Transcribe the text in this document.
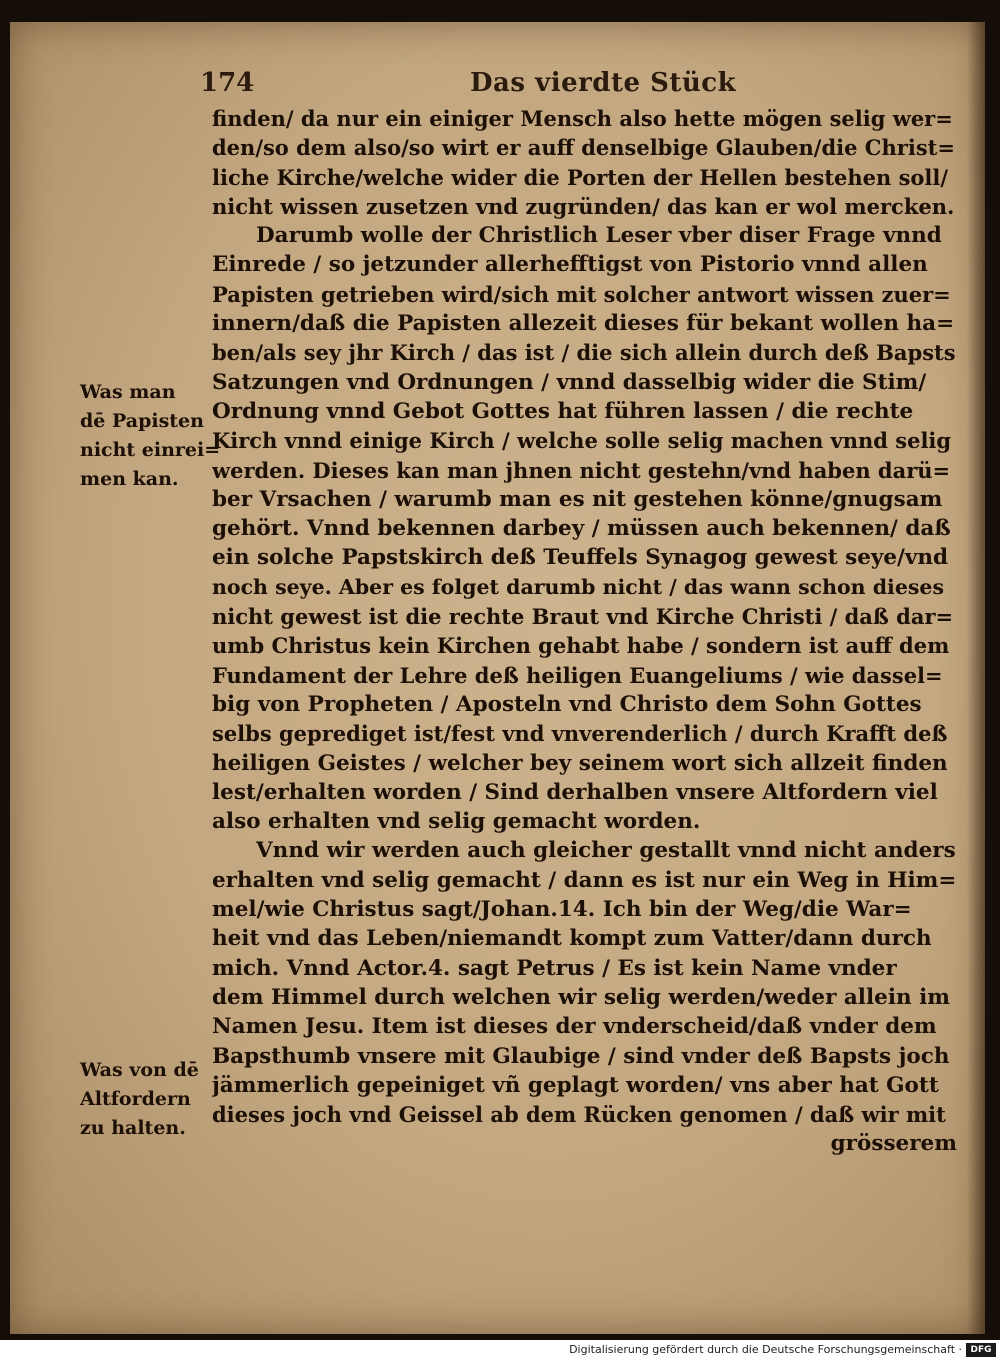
174	Das vierdte Stück
finden/ da nur ein einiger Mensch also hette mögen selig wer=
den/so dem also/so wirt er auff denselbige Glauben/die Christ=
liche Kirche/welche wider die Porten der Hellen bestehen soll/
nicht wissen zusetzen vnd zugründen/ das kan er wol mercken.
Darumb wolle der Christlich Leser vber diser Frage vnnd
Einrede / so jetzunder allerhefftigst von Pistorio vnnd allen
Papisten getrieben wird/sich mit solcher antwort wissen zuer=
innern/daß die Papisten allezeit dieses für bekant wollen ha=
ben/als sey jhr Kirch / das ist / die sich allein durch deß Bapsts
Satzungen vnd Ordnungen / vnnd dasselbig wider die Stim/
Ordnung vnnd Gebot Gottes hat führen lassen / die rechte
Kirch vnnd einige Kirch / welche solle selig machen vnnd selig
werden. Dieses kan man jhnen nicht gestehn/vnd haben darü=
ber Vrsachen / warumb man es nit gestehen könne/gnugsam
gehört. Vnnd bekennen darbey / müssen auch bekennen/ daß
ein solche Papstskirch deß Teuffels Synagog gewest seye/vnd
noch seye. Aber es folget darumb nicht / das wann schon dieses
nicht gewest ist die rechte Braut vnd Kirche Christi / daß dar=
umb Christus kein Kirchen gehabt habe / sondern ist auff dem
Fundament der Lehre deß heiligen Euangeliums / wie dassel=
big von Propheten / Aposteln vnd Christo dem Sohn Gottes
selbs geprediget ist/fest vnd vnverenderlich / durch Krafft deß
heiligen Geistes / welcher bey seinem wort sich allzeit finden
lest/erhalten worden / Sind derhalben vnsere Altfordern viel
also erhalten vnd selig gemacht worden.
Vnnd wir werden auch gleicher gestallt vnnd nicht anders
erhalten vnd selig gemacht / dann es ist nur ein Weg in Him=
mel/wie Christus sagt/Johan.14. Ich bin der Weg/die War=
heit vnd das Leben/niemandt kompt zum Vatter/dann durch
mich. Vnnd Actor.4. sagt Petrus / Es ist kein Name vnder
dem Himmel durch welchen wir selig werden/weder allein im
Namen Jesu. Item ist dieses der vnderscheid/daß vnder dem
Bapsthumb vnsere mit Glaubige / sind vnder deß Bapsts joch
jämmerlich gepeiniget vñ geplagt worden/ vns aber hat Gott
dieses joch vnd Geissel ab dem Rücken genomen / daß wir mit
grösserem
Was man
dē Papisten
nicht einrei=
men kan.
Was von dē
Altfordern
zu halten.
Digitalisierung gefördert durch die Deutsche Forschungsgemeinschaft · DFG
